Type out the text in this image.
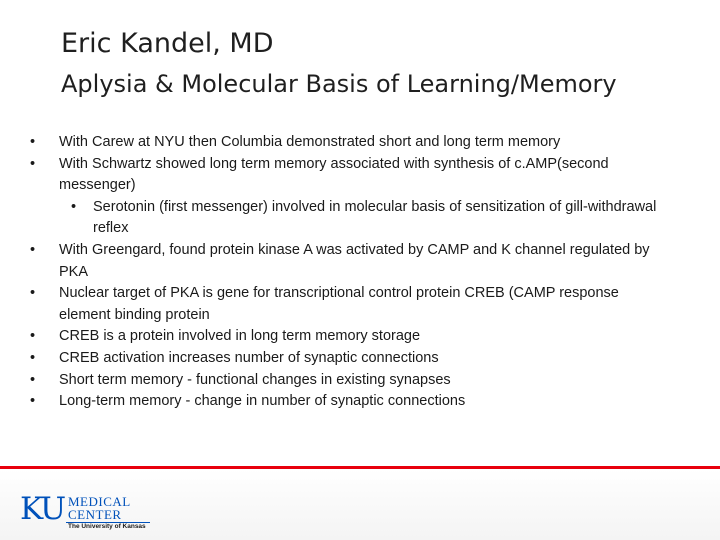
Eric Kandel, MD
Aplysia & Molecular Basis of Learning/Memory
• With Carew at NYU then Columbia demonstrated short and long term memory
• With Schwartz showed long term memory associated with synthesis of c.AMP(second messenger)
• Serotonin (first messenger) involved in molecular basis of sensitization of gill-withdrawal reflex
• With Greengard, found protein kinase A was activated by CAMP and K channel regulated by PKA
• Nuclear target of PKA is gene for transcriptional control protein CREB (CAMP response element binding protein
• CREB is a protein involved in long term memory storage
• CREB activation increases number of synaptic connections
• Short term memory - functional changes in existing synapses
• Long-term memory - change in number of synaptic connections
KU MEDICAL
CENTER
The University of Kansas
